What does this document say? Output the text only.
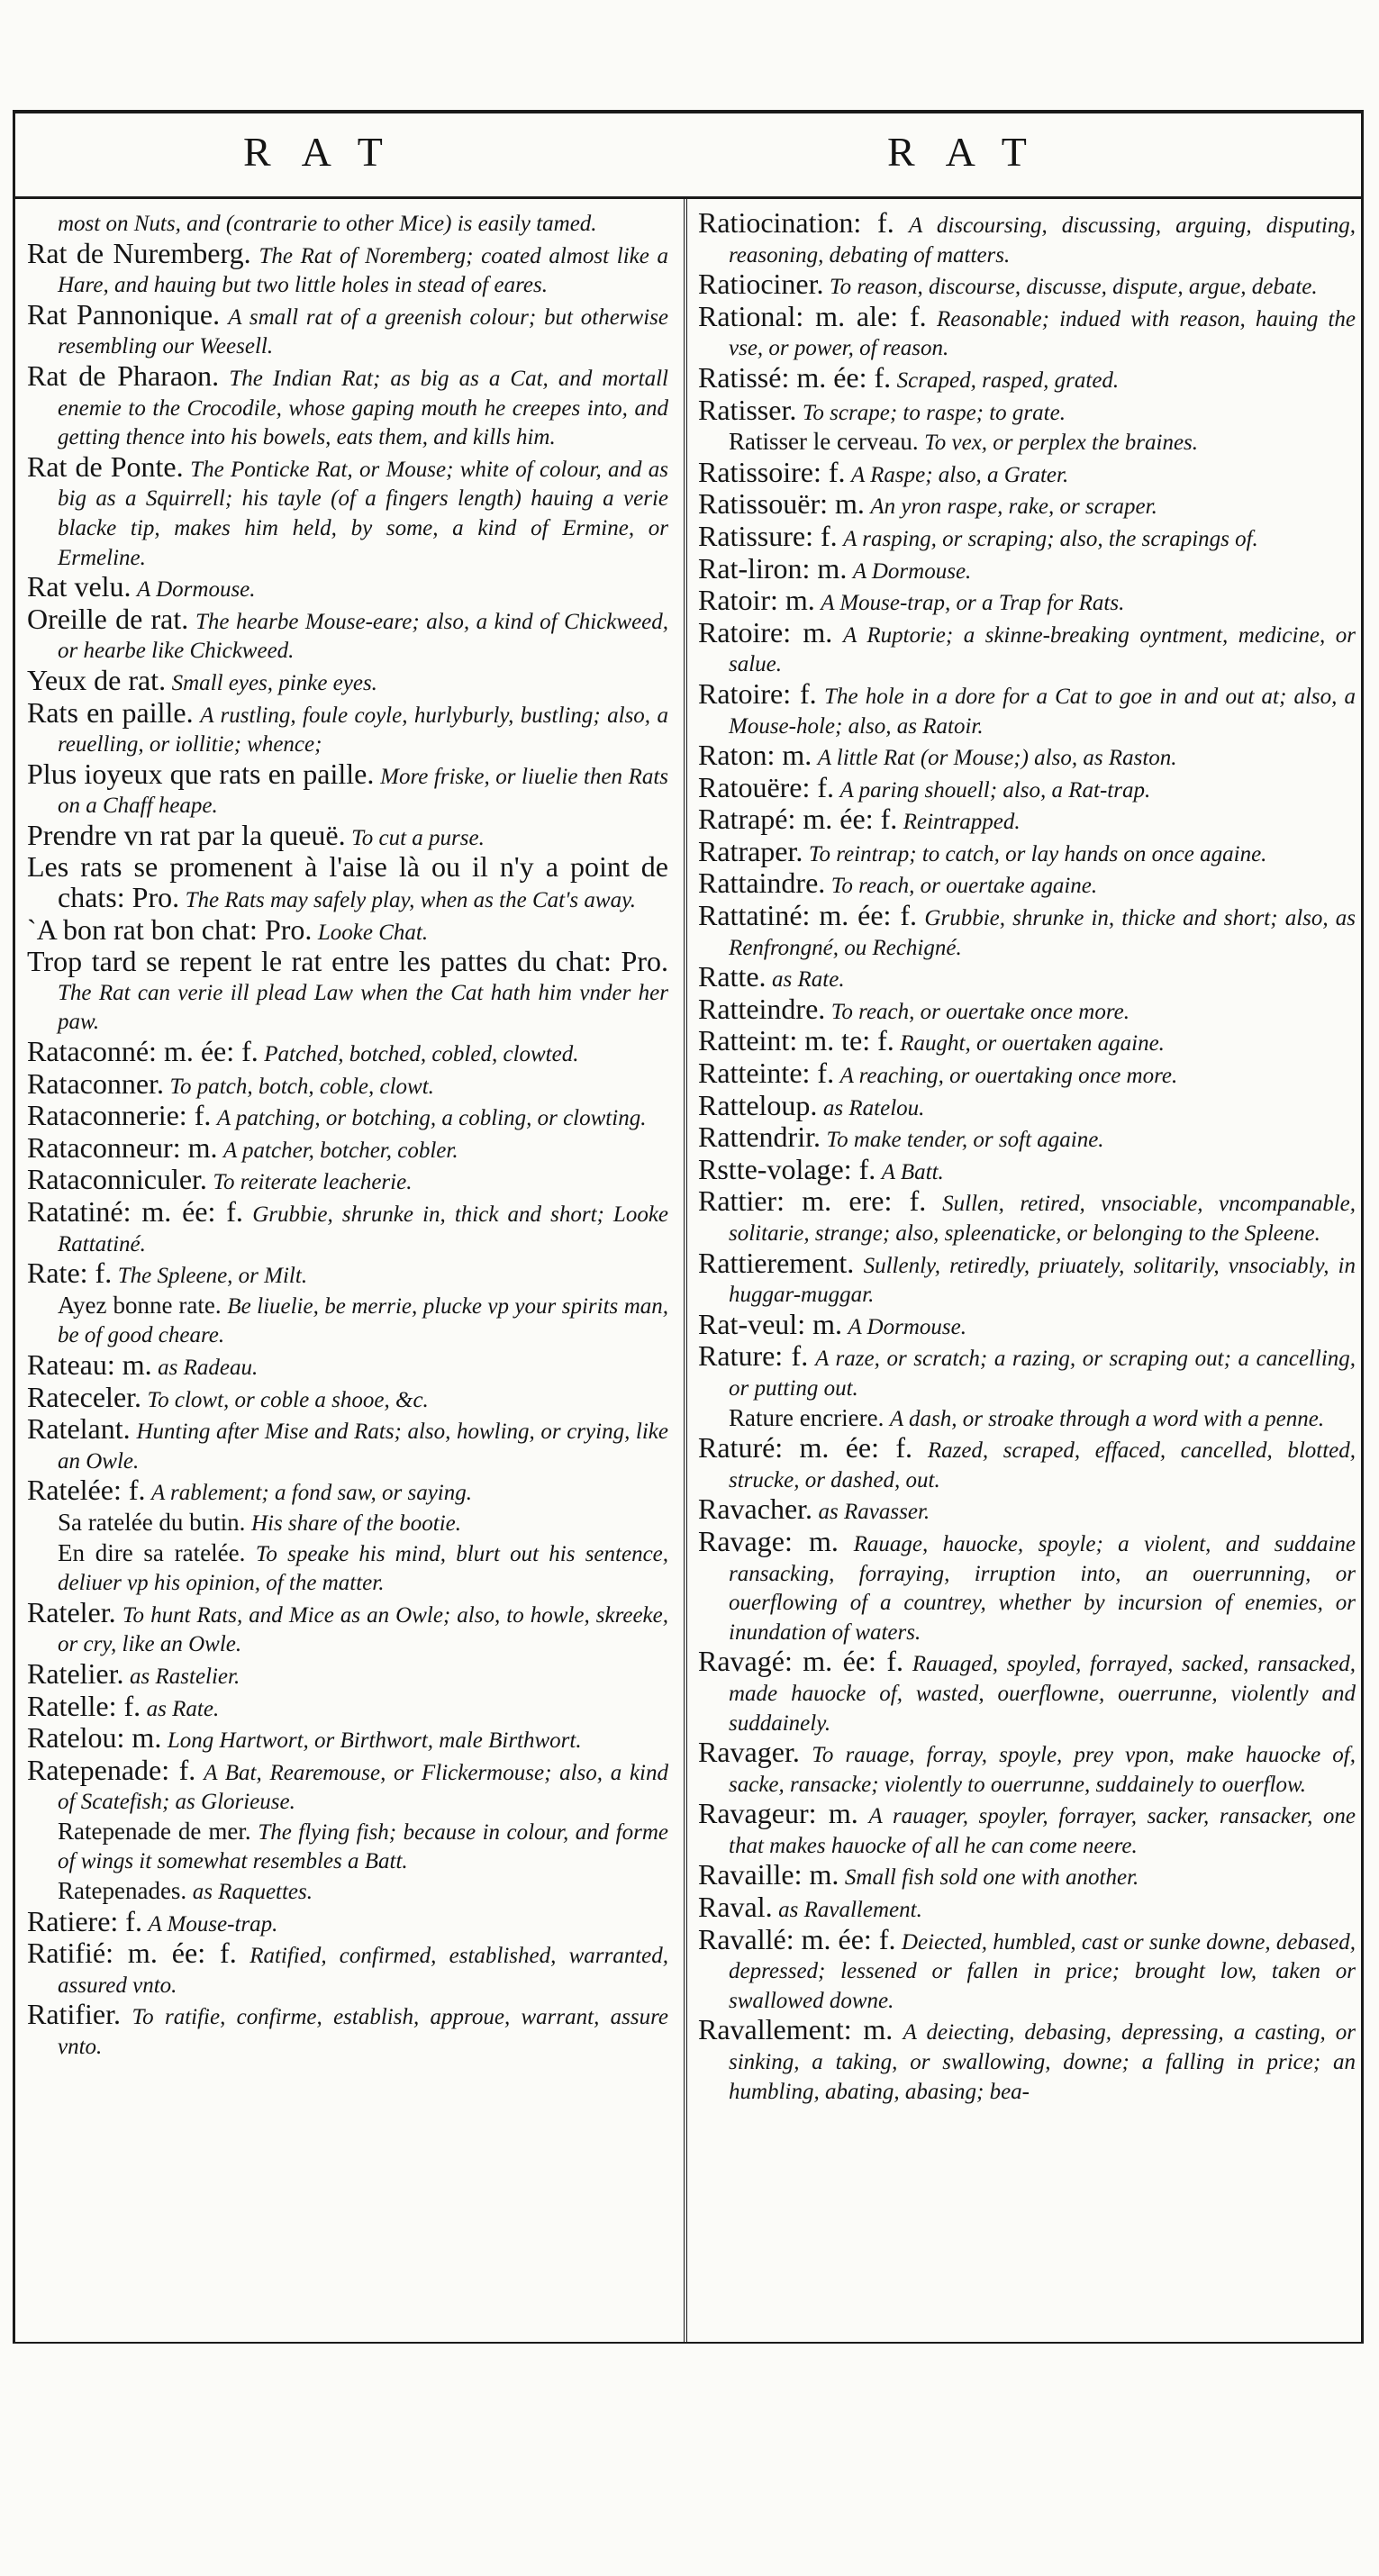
RAT	RAT

most on Nuts, and (contrarie to other Mice) is easily tamed.

Rat de Nuremberg. The Rat of Noremberg; coated almost like a Hare, and hauing but two little holes in stead of eares.

Rat Pannonique. A small rat of a greenish colour; but otherwise resembling our Weesell.

Rat de Pharaon. The Indian Rat; as big as a Cat, and mortall enemie to the Crocodile, whose gaping mouth he creepes into, and getting thence into his bowels, eats them, and kills him.

Rat de Ponte. The Ponticke Rat, or Mouse; white of colour, and as big as a Squirrell; his tayle (of a fingers length) hauing a verie blacke tip, makes him held, by some, a kind of Ermine, or Ermeline.

Rat velu. A Dormouse.

Oreille de rat. The hearbe Mouse-eare; also, a kind of Chickweed, or hearbe like Chickweed.

Yeux de rat. Small eyes, pinke eyes.

Rats en paille. A rustling, foule coyle, hurlyburly, bustling; also, a reuelling, or iollitie; whence;

Plus ioyeux que rats en paille. More friske, or liuelie then Rats on a Chaff heape.

Prendre vn rat par la queuë. To cut a purse.

Les rats se promenent à l'aise là ou il n'y a point de chats: Pro. The Rats may safely play, when as the Cat's away.

`A bon rat bon chat: Pro. Looke Chat.

Trop tard se repent le rat entre les pattes du chat: Pro. The Rat can verie ill plead Law when the Cat hath him vnder her paw.

Rataconné: m. ée: f. Patched, botched, cobled, clowted.

Rataconner. To patch, botch, coble, clowt.

Rataconnerie: f. A patching, or botching, a cobling, or clowting.

Rataconneur: m. A patcher, botcher, cobler.

Rataconniculer. To reiterate leacherie.

Ratatiné: m. ée: f. Grubbie, shrunke in, thick and short; Looke Rattatiné.

Rate: f. The Spleene, or Milt.

Ayez bonne rate. Be liuelie, be merrie, plucke vp your spirits man, be of good cheare.

Rateau: m. as Radeau.

Rateceler. To clowt, or coble a shooe, &c.

Ratelant. Hunting after Mise and Rats; also, howling, or crying, like an Owle.

Ratelée: f. A rablement; a fond saw, or saying.

Sa ratelée du butin. His share of the bootie.

En dire sa ratelée. To speake his mind, blurt out his sentence, deliuer vp his opinion, of the matter.

Rateler. To hunt Rats, and Mice as an Owle; also, to howle, skreeke, or cry, like an Owle.

Ratelier. as Rastelier.

Ratelle: f. as Rate.

Ratelou: m. Long Hartwort, or Birthwort, male Birthwort.

Ratepenade: f. A Bat, Rearemouse, or Flickermouse; also, a kind of Scatefish; as Glorieuse.

Ratepenade de mer. The flying fish; because in colour, and forme of wings it somewhat resembles a Batt.

Ratepenades. as Raquettes.

Ratiere: f. A Mouse-trap.

Ratifié: m. ée: f. Ratified, confirmed, established, warranted, assured vnto.

Ratifier. To ratifie, confirme, establish, approue, warrant, assure vnto.

Ratiocination: f. A discoursing, discussing, arguing, disputing, reasoning, debating of matters.

Ratiociner. To reason, discourse, discusse, dispute, argue, debate.

Rational: m. ale: f. Reasonable; indued with reason, hauing the vse, or power, of reason.

Ratissé: m. ée: f. Scraped, rasped, grated.

Ratisser. To scrape; to raspe; to grate.

Ratisser le cerveau. To vex, or perplex the braines.

Ratissoire: f. A Raspe; also, a Grater.

Ratissouër: m. An yron raspe, rake, or scraper.

Ratissure: f. A rasping, or scraping; also, the scrapings of.

Rat-liron: m. A Dormouse.

Ratoir: m. A Mouse-trap, or a Trap for Rats.

Ratoire: m. A Ruptorie; a skinne-breaking oyntment, medicine, or salue.

Ratoire: f. The hole in a dore for a Cat to goe in and out at; also, a Mouse-hole; also, as Ratoir.

Raton: m. A little Rat (or Mouse;) also, as Raston.

Ratouëre: f. A paring shouell; also, a Rat-trap.

Ratrapé: m. ée: f. Reintrapped.

Ratraper. To reintrap; to catch, or lay hands on once againe.

Rattaindre. To reach, or ouertake againe.

Rattatiné: m. ée: f. Grubbie, shrunke in, thicke and short; also, as Renfrongné, ou Rechigné.

Ratte. as Rate.

Ratteindre. To reach, or ouertake once more.

Ratteint: m. te: f. Raught, or ouertaken againe.

Ratteinte: f. A reaching, or ouertaking once more.

Ratteloup. as Ratelou.

Rattendrir. To make tender, or soft againe.

Rstte-volage: f. A Batt.

Rattier: m. ere: f. Sullen, retired, vnsociable, vncompanable, solitarie, strange; also, spleenaticke, or belonging to the Spleene.

Rattierement. Sullenly, retiredly, priuately, solitarily, vnsociably, in huggar-muggar.

Rat-veul: m. A Dormouse.

Rature: f. A raze, or scratch; a razing, or scraping out; a cancelling, or putting out.

Rature encriere. A dash, or stroake through a word with a penne.

Raturé: m. ée: f. Razed, scraped, effaced, cancelled, blotted, strucke, or dashed, out.

Ravacher. as Ravasser.

Ravage: m. Rauage, hauocke, spoyle; a violent, and suddaine ransacking, forraying, irruption into, an ouerrunning, or ouerflowing of a countrey, whether by incursion of enemies, or inundation of waters.

Ravagé: m. ée: f. Rauaged, spoyled, forrayed, sacked, ransacked, made hauocke of, wasted, ouerflowne, ouerrunne, violently and suddainely.

Ravager. To rauage, forray, spoyle, prey vpon, make hauocke of, sacke, ransacke; violently to ouerrunne, suddainely to ouerflow.

Ravageur: m. A rauager, spoyler, forrayer, sacker, ransacker, one that makes hauocke of all he can come neere.

Ravaille: m. Small fish sold one with another.

Raval. as Ravallement.

Ravallé: m. ée: f. Deiected, humbled, cast or sunke downe, debased, depressed; lessened or fallen in price; brought low, taken or swallowed downe.

Ravallement: m. A deiecting, debasing, depressing, a casting, or sinking, a taking, or swallowing, downe; a falling in price; an humbling, abating, abasing; bea-
